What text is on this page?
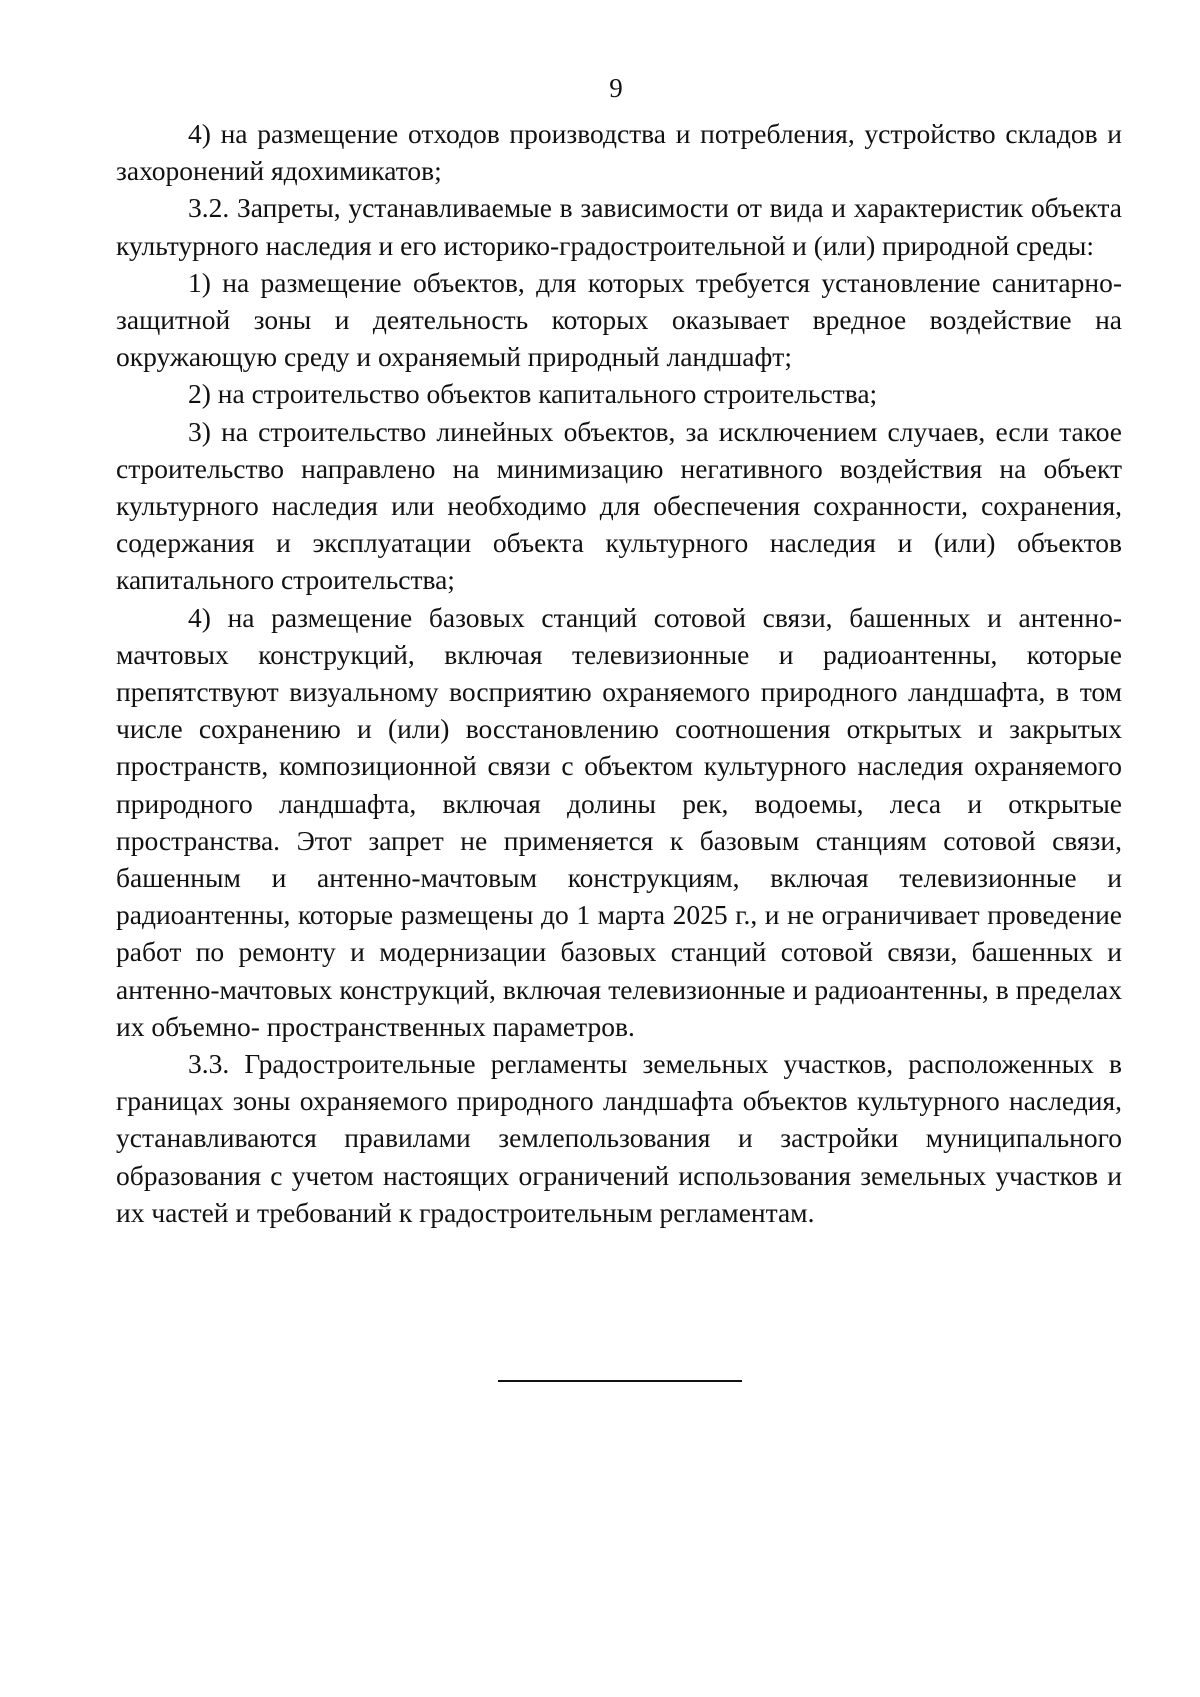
9

4) на размещение отходов производства и потребления, устройство складов и захоронений ядохимикатов;

3.2. Запреты, устанавливаемые в зависимости от вида и характеристик объекта культурного наследия и его историко-градостроительной и (или) природной среды:

1) на размещение объектов, для которых требуется установление санитарно-защитной зоны и деятельность которых оказывает вредное воздействие на окружающую среду и охраняемый природный ландшафт;

2) на строительство объектов капитального строительства;

3) на строительство линейных объектов, за исключением случаев, если такое строительство направлено на минимизацию негативного воздействия на объект культурного наследия или необходимо для обеспечения сохранности, сохранения, содержания и эксплуатации объекта культурного наследия и (или) объектов капитального строительства;

4) на размещение базовых станций сотовой связи, башенных и антенно-мачтовых конструкций, включая телевизионные и радиоантенны, которые препятствуют визуальному восприятию охраняемого природного ландшафта, в том числе сохранению и (или) восстановлению соотношения открытых и закрытых пространств, композиционной связи с объектом культурного наследия охраняемого природного ландшафта, включая долины рек, водоемы, леса и открытые пространства. Этот запрет не применяется к базовым станциям сотовой связи, башенным и антенно-мачтовым конструкциям, включая телевизионные и радиоантенны, которые размещены до 1 марта 2025 г., и не ограничивает проведение работ по ремонту и модернизации базовых станций сотовой связи, башенных и антенно-мачтовых конструкций, включая телевизионные и радиоантенны, в пределах их объемно- пространственных параметров.

3.3. Градостроительные регламенты земельных участков, расположенных в границах зоны охраняемого природного ландшафта объектов культурного наследия, устанавливаются правилами землепользования и застройки муниципального образования с учетом настоящих ограничений использования земельных участков и их частей и требований к градостроительным регламентам.
